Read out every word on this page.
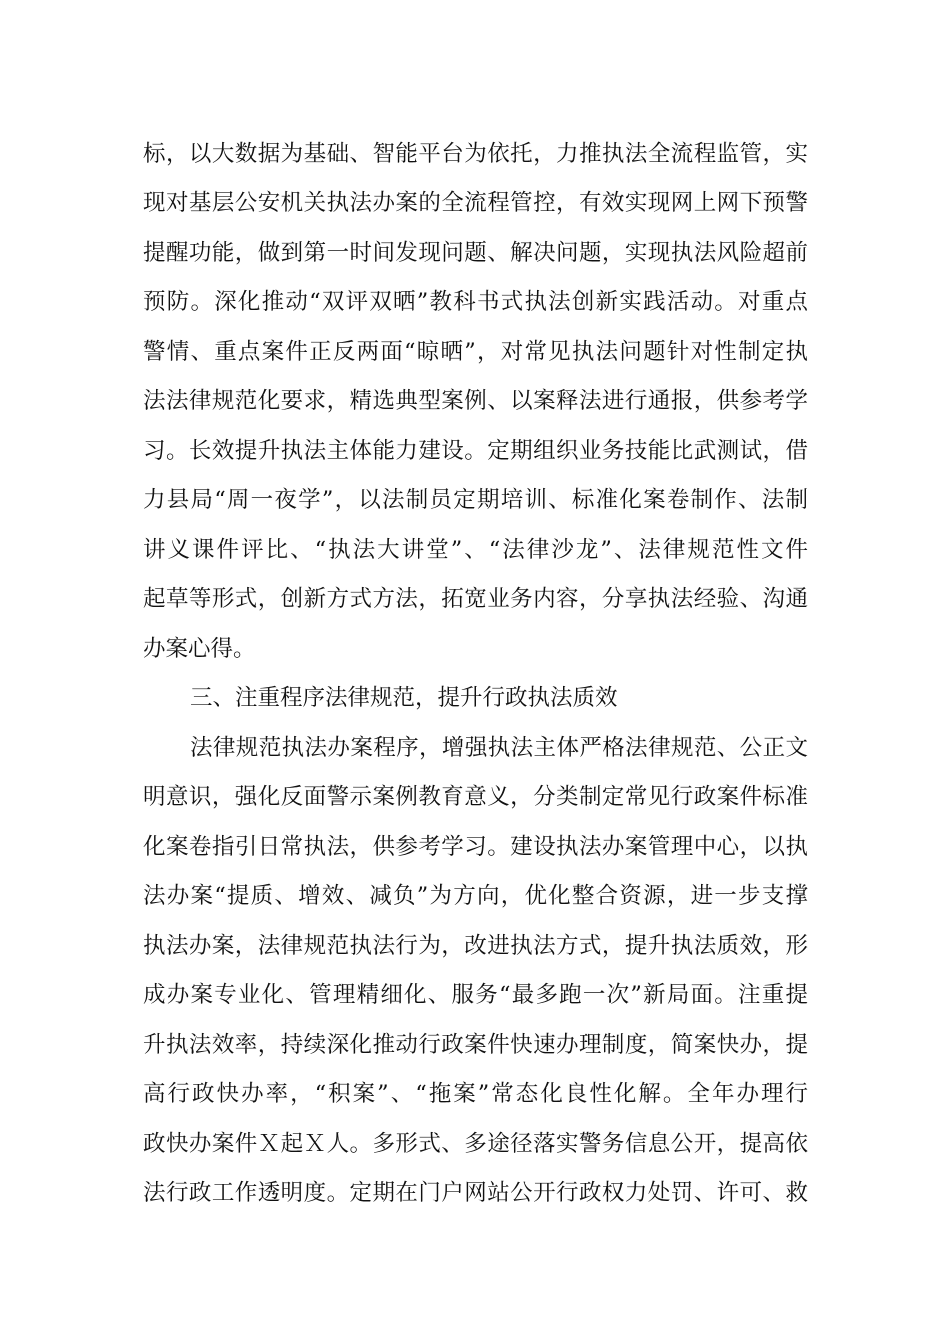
标，以大数据为基础、智能平台为依托，力推执法全流程监管，实
现对基层公安机关执法办案的全流程管控，有效实现网上网下预警
提醒功能，做到第一时间发现问题、解决问题，实现执法风险超前
预防。深化推动“双评双晒”教科书式执法创新实践活动。对重点
警情、重点案件正反两面“晾晒”，对常见执法问题针对性制定执
法法律规范化要求，精选典型案例、以案释法进行通报，供参考学
习。长效提升执法主体能力建设。定期组织业务技能比武测试，借
力县局“周一夜学”，以法制员定期培训、标准化案卷制作、法制
讲义课件评比、“执法大讲堂”、“法律沙龙”、法律规范性文件
起草等形式，创新方式方法，拓宽业务内容，分享执法经验、沟通
办案心得。
三、注重程序法律规范，提升行政执法质效
法律规范执法办案程序，增强执法主体严格法律规范、公正文
明意识，强化反面警示案例教育意义，分类制定常见行政案件标准
化案卷指引日常执法，供参考学习。建设执法办案管理中心，以执
法办案“提质、增效、减负”为方向，优化整合资源，进一步支撑
执法办案，法律规范执法行为，改进执法方式，提升执法质效，形
成办案专业化、管理精细化、服务“最多跑一次”新局面。注重提
升执法效率，持续深化推动行政案件快速办理制度，简案快办，提
高行政快办率，“积案”、“拖案”常态化良性化解。全年办理行
政快办案件Ｘ起Ｘ人。多形式、多途径落实警务信息公开，提高依
法行政工作透明度。定期在门户网站公开行政权力处罚、许可、救
